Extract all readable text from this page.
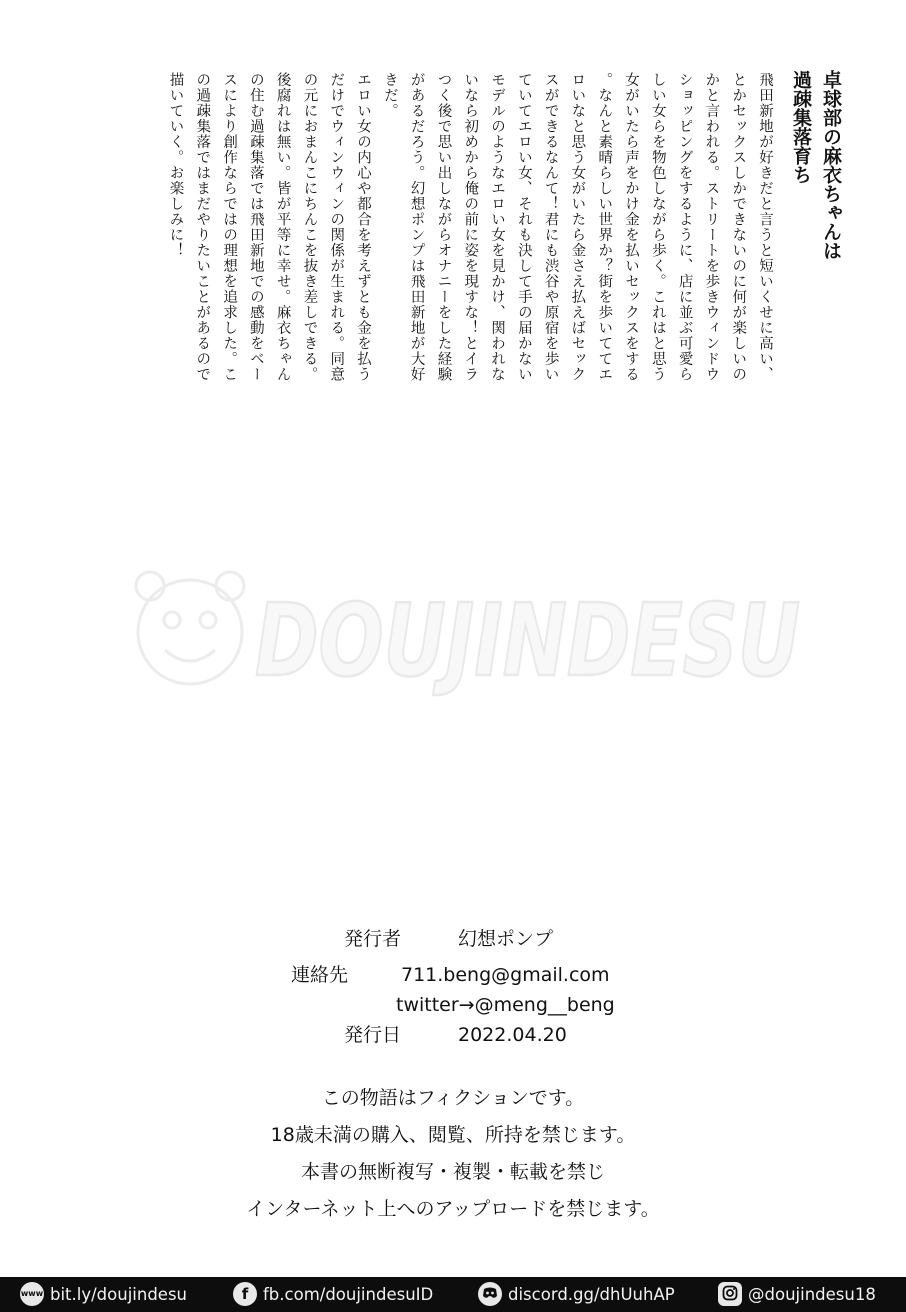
卓球部の麻衣ちゃんは
過疎集落育ち
飛田新地が好きだと言うと短いくせに高い、とかセックスしかできないのに何が楽しいのかと言われる。ストリートを歩きウィンドウショッピングをするように、店に並ぶ可愛らしい女らを物色しながら歩く。これはと思う女がいたら声をかけ金を払いセックスをする。なんと素晴らしい世界か？街を歩いててエロいなと思う女がいたら金さえ払えばセックスができるなんて！君にも渋谷や原宿を歩いていてエロい女、それも決して手の届かないモデルのようなエロい女を見かけ、関われないなら初めから俺の前に姿を現すな！とイラつく後で思い出しながらオナニーをした経験があるだろう。幻想ポンプは飛田新地が大好きだ。
エロい女の内心や都合を考えずとも金を払うだけでウィンウィンの関係が生まれる。同意の元におまんこにちんこを抜き差しできる。後腐れは無い。皆が平等に幸せ。麻衣ちゃんの住む過疎集落では飛田新地での感動をベースにより創作ならではの理想を追求した。この過疎集落ではまだやりたいことがあるので描いていく。お楽しみに！
DOUJINDESU
発行者	幻想ポンプ
連絡先	711.beng@gmail.com
twitter→@meng__beng
発行日	2022.04.20
この物語はフィクションです。
18歳未満の購入、閲覧、所持を禁じます。
本書の無断複写・複製・転載を禁じ
インターネット上へのアップロードを禁じます。
www bit.ly/doujindesu	f fb.com/doujindesuID	discord.gg/dhUuhAP	@doujindesu18
